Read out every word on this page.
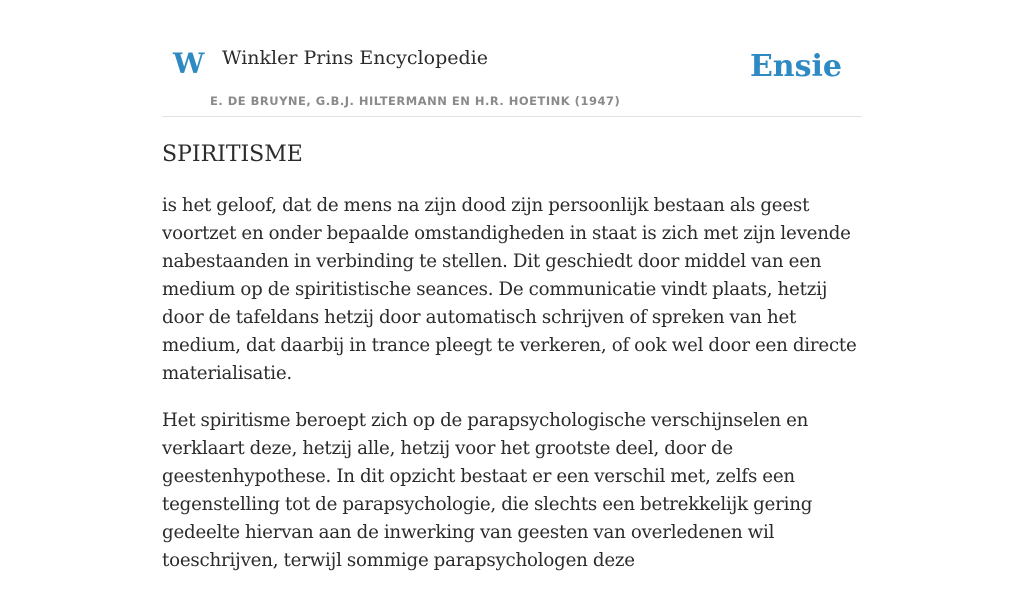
W Winkler Prins Encyclopedie
E. DE BRUYNE, G.B.J. HILTERMANN EN H.R. HOETINK (1947)
Ensie
SPIRITISME

is het geloof, dat de mens na zijn dood zijn persoonlijk bestaan als geest voortzet en onder bepaalde omstandigheden in staat is zich met zijn levende nabestaanden in verbinding te stellen. Dit geschiedt door middel van een medium op de spiritistische seances. De communicatie vindt plaats, hetzij door de tafeldans hetzij door automatisch schrijven of spreken van het medium, dat daarbij in trance pleegt te verkeren, of ook wel door een directe materialisatie.

Het spiritisme beroept zich op de parapsychologische verschijnselen en verklaart deze, hetzij alle, hetzij voor het grootste deel, door de geestenhypothese. In dit opzicht bestaat er een verschil met, zelfs een tegenstelling tot de parapsychologie, die slechts een betrekkelijk gering gedeelte hiervan aan de inwerking van geesten van overledenen wil toeschrijven, terwijl sommige parapsychologen deze
